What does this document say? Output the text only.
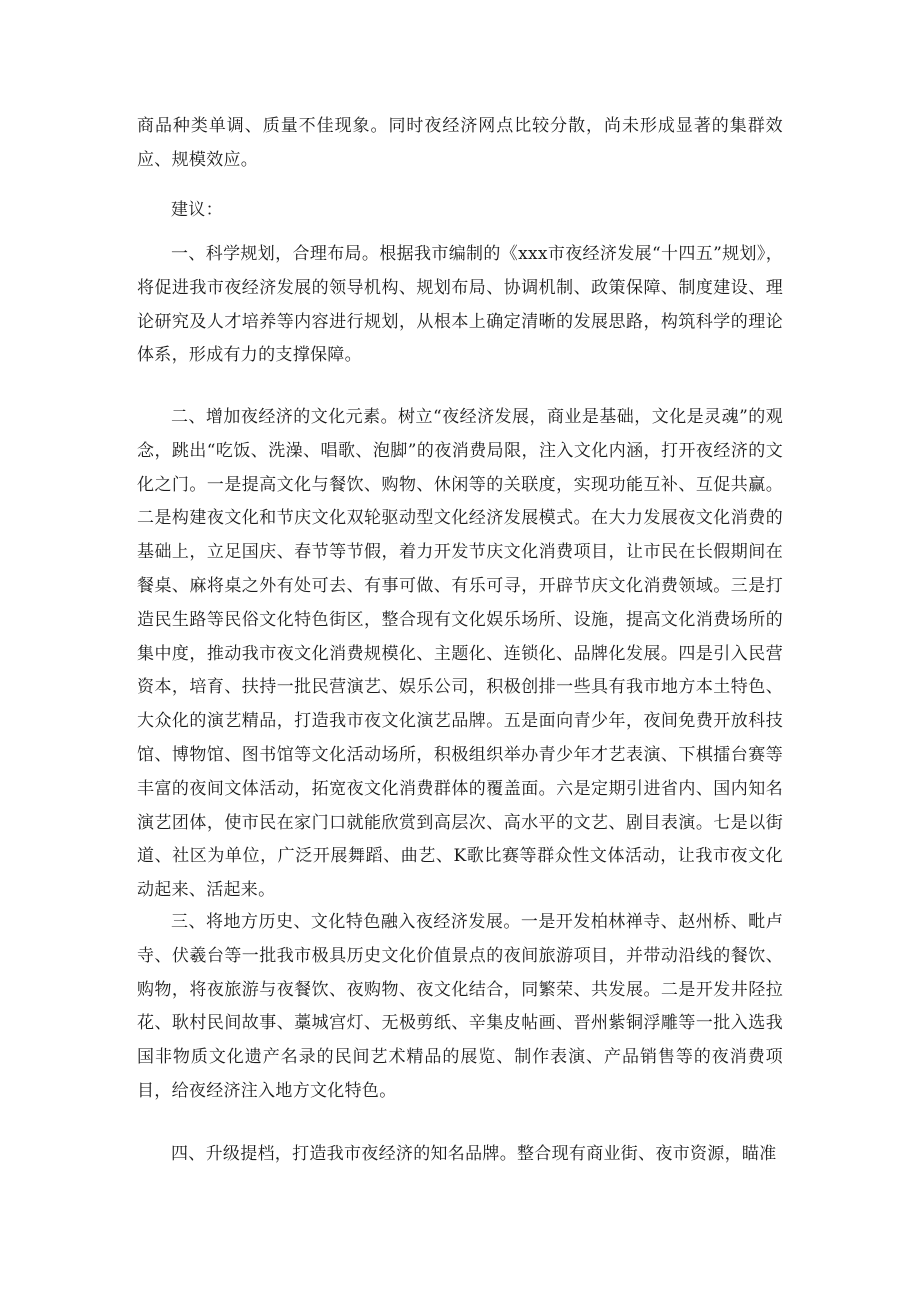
商品种类单调、质量不佳现象。同时夜经济网点比较分散，尚未形成显著的集群效应、规模效应。

建议：

一、科学规划，合理布局。根据我市编制的《xxx市夜经济发展“十四五”规划》，将促进我市夜经济发展的领导机构、规划布局、协调机制、政策保障、制度建设、理论研究及人才培养等内容进行规划，从根本上确定清晰的发展思路，构筑科学的理论体系，形成有力的支撑保障。

二、增加夜经济的文化元素。树立“夜经济发展，商业是基础，文化是灵魂”的观念，跳出“吃饭、洗澡、唱歌、泡脚”的夜消费局限，注入文化内涵，打开夜经济的文化之门。一是提高文化与餐饮、购物、休闲等的关联度，实现功能互补、互促共赢。二是构建夜文化和节庆文化双轮驱动型文化经济发展模式。在大力发展夜文化消费的基础上，立足国庆、春节等节假，着力开发节庆文化消费项目，让市民在长假期间在餐桌、麻将桌之外有处可去、有事可做、有乐可寻，开辟节庆文化消费领域。三是打造民生路等民俗文化特色街区，整合现有文化娱乐场所、设施，提高文化消费场所的集中度，推动我市夜文化消费规模化、主题化、连锁化、品牌化发展。四是引入民营资本，培育、扶持一批民营演艺、娱乐公司，积极创排一些具有我市地方本土特色、大众化的演艺精品，打造我市夜文化演艺品牌。五是面向青少年，夜间免费开放科技馆、博物馆、图书馆等文化活动场所，积极组织举办青少年才艺表演、下棋擂台赛等丰富的夜间文体活动，拓宽夜文化消费群体的覆盖面。六是定期引进省内、国内知名演艺团体，使市民在家门口就能欣赏到高层次、高水平的文艺、剧目表演。七是以街道、社区为单位，广泛开展舞蹈、曲艺、K歌比赛等群众性文体活动，让我市夜文化动起来、活起来。

三、将地方历史、文化特色融入夜经济发展。一是开发柏林禅寺、赵州桥、毗卢寺、伏羲台等一批我市极具历史文化价值景点的夜间旅游项目，并带动沿线的餐饮、购物，将夜旅游与夜餐饮、夜购物、夜文化结合，同繁荣、共发展。二是开发井陉拉花、耿村民间故事、藁城宫灯、无极剪纸、辛集皮帖画、晋州紫铜浮雕等一批入选我国非物质文化遗产名录的民间艺术精品的展览、制作表演、产品销售等的夜消费项目，给夜经济注入地方文化特色。

四、升级提档，打造我市夜经济的知名品牌。整合现有商业街、夜市资源，瞄准
